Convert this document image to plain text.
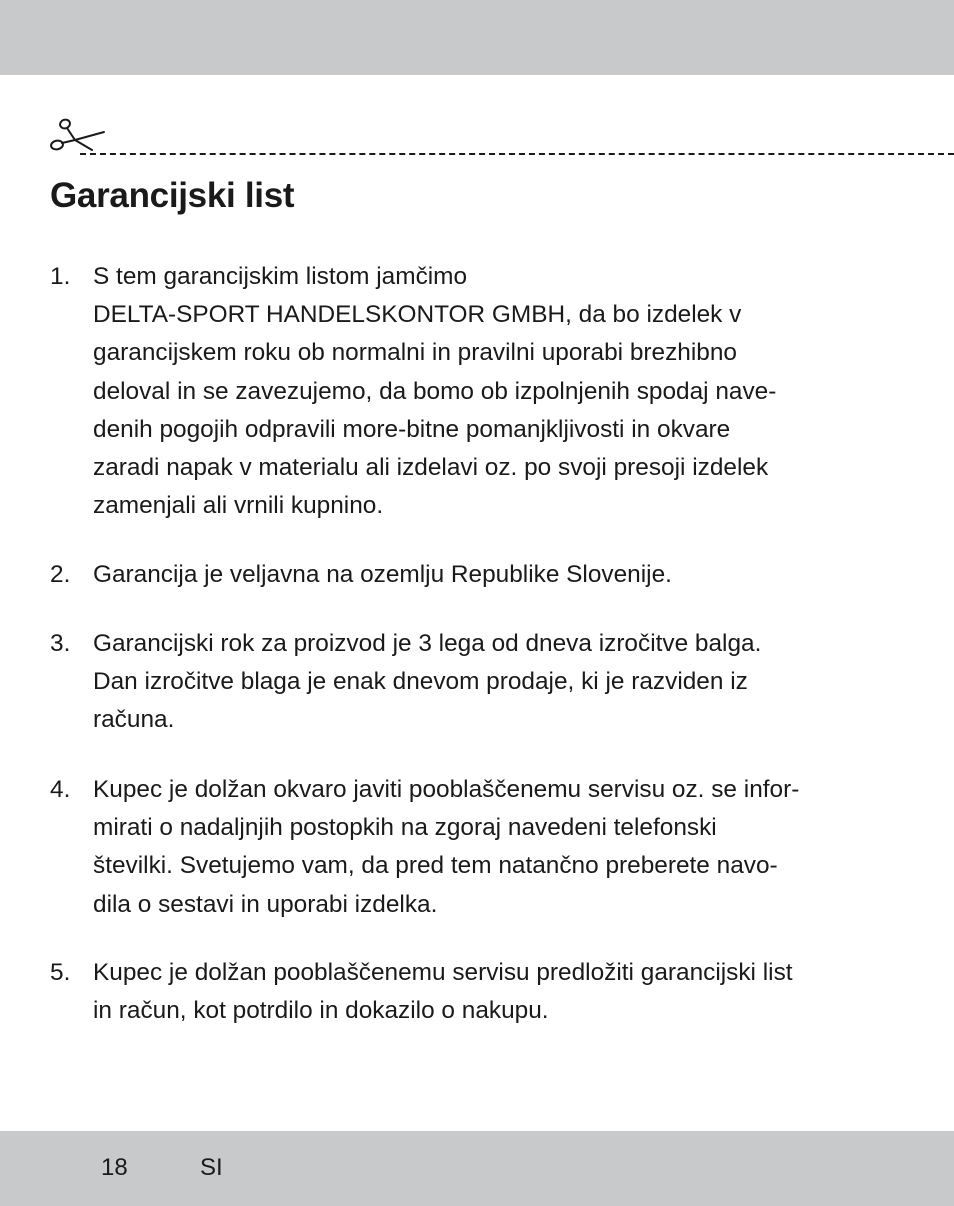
Garancijski list
1. S tem garancijskim listom jamčimo
DELTA-SPORT HANDELSKONTOR GMBH, da bo izdelek v
garancijskem roku ob normalni in pravilni uporabi brezhibno
deloval in se zavezujemo, da bomo ob izpolnjenih spodaj nave-
denih pogojih odpravili more-bitne pomanjkljivosti in okvare
zaradi napak v materialu ali izdelavi oz. po svoji presoji izdelek
zamenjali ali vrnili kupnino.
2. Garancija je veljavna na ozemlju Republike Slovenije.
3. Garancijski rok za proizvod je 3 lega od dneva izročitve balga.
Dan izročitve blaga je enak dnevom prodaje, ki je razviden iz
računa.
4. Kupec je dolžan okvaro javiti pooblaščenemu servisu oz. se infor-
mirati o nadaljnjih postopkih na zgoraj navedeni telefonski
številki. Svetujemo vam, da pred tem natančno preberete navo-
dila o sestavi in uporabi izdelka.
5. Kupec je dolžan pooblaščenemu servisu predložiti garancijski list
in račun, kot potrdilo in dokazilo o nakupu.
18	SI
